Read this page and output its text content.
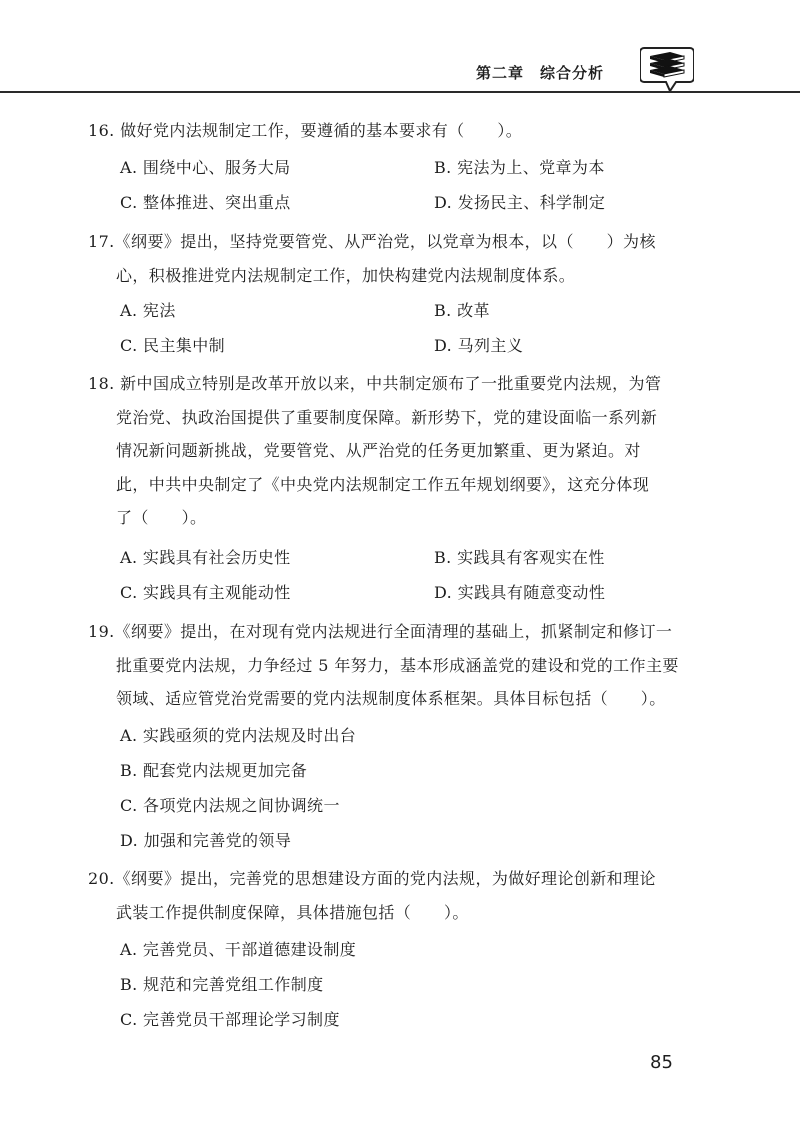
第二章　 综合分析
16. 做好党内法规制定工作，要遵循的基本要求有（　　）。
A. 围绕中心、服务大局	B. 宪法为上、党章为本
C. 整体推进、突出重点	D. 发扬民主、科学制定
17.《纲要》提出，坚持党要管党、从严治党，以党章为根本，以（　　）为核
心，积极推进党内法规制定工作，加快构建党内法规制度体系。
A. 宪法	B. 改革
C. 民主集中制	D. 马列主义
18. 新中国成立特别是改革开放以来，中共制定颁布了一批重要党内法规，为管
党治党、执政治国提供了重要制度保障。新形势下，党的建设面临一系列新
情况新问题新挑战，党要管党、从严治党的任务更加繁重、更为紧迫。对
此，中共中央制定了《中央党内法规制定工作五年规划纲要》，这充分体现
了（　　）。
A. 实践具有社会历史性	B. 实践具有客观实在性
C. 实践具有主观能动性	D. 实践具有随意变动性
19.《纲要》提出，在对现有党内法规进行全面清理的基础上，抓紧制定和修订一
批重要党内法规，力争经过 5 年努力，基本形成涵盖党的建设和党的工作主要
领域、适应管党治党需要的党内法规制度体系框架。具体目标包括（　　）。
A. 实践亟须的党内法规及时出台
B. 配套党内法规更加完备
C. 各项党内法规之间协调统一
D. 加强和完善党的领导
20.《纲要》提出，完善党的思想建设方面的党内法规，为做好理论创新和理论
武装工作提供制度保障，具体措施包括（　　）。
A. 完善党员、干部道德建设制度
B. 规范和完善党组工作制度
C. 完善党员干部理论学习制度
85
